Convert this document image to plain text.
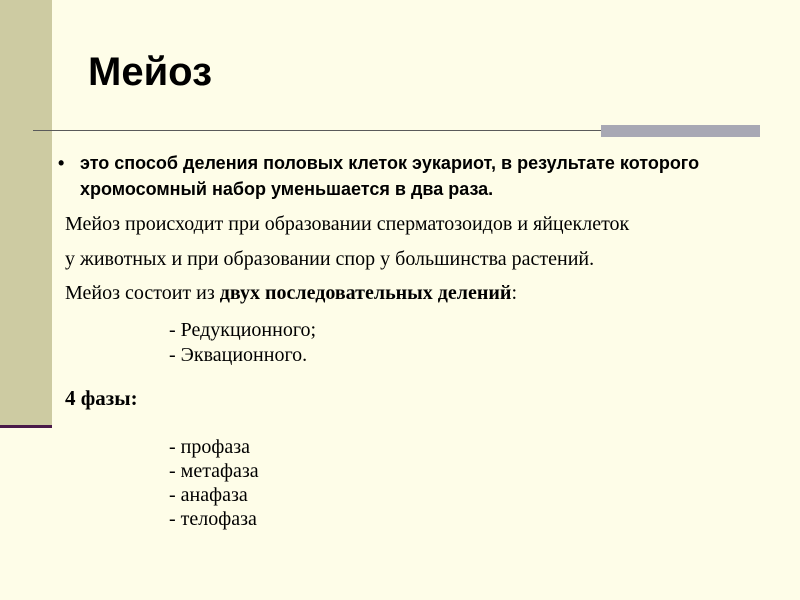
Мейоз
• это способ деления половых клеток эукариот, в результате которого хромосомный набор уменьшается в два раза.
Мейоз происходит при образовании сперматозоидов и яйцеклеток
у животных и при образовании спор у большинства растений.
Мейоз состоит из двух последовательных делений:
- Редукционного;
- Эквационного.
4 фазы:
- профаза
- метафаза
- анафаза
- телофаза
